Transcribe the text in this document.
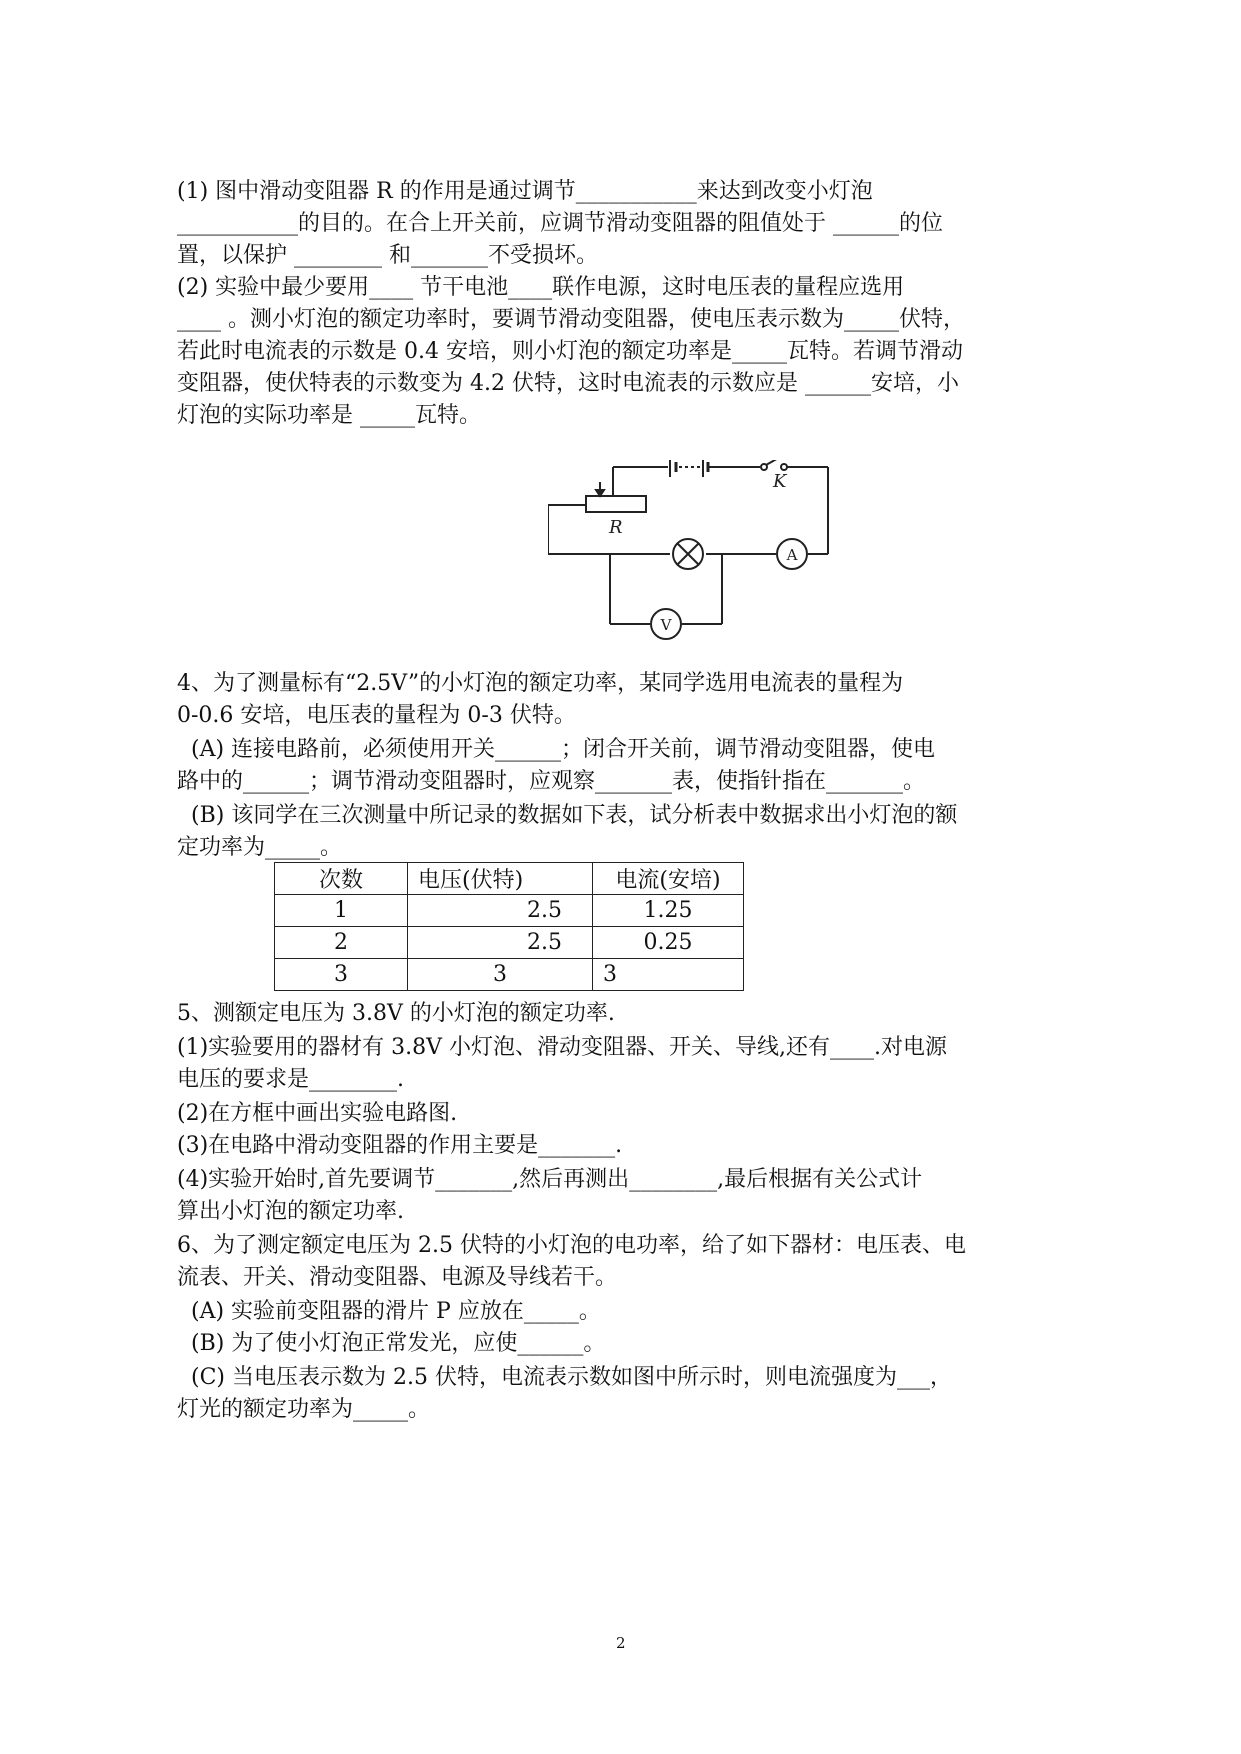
(1) 图中滑动变阻器 R 的作用是通过调节___________来达到改变小灯泡
___________的目的。在合上开关前，应调节滑动变阻器的阻值处于 ______的位
置，以保护 ________ 和_______不受损坏。
(2) 实验中最少要用____ 节干电池____联作电源，这时电压表的量程应选用
____ 。测小灯泡的额定功率时，要调节滑动变阻器，使电压表示数为_____伏特，
若此时电流表的示数是 0.4 安培，则小灯泡的额定功率是_____瓦特。若调节滑动
变阻器，使伏特表的示数变为 4.2 伏特，这时电流表的示数应是 ______安培，小
灯泡的实际功率是 _____瓦特。
R
K
A
V
4、为了测量标有“2.5V”的小灯泡的额定功率，某同学选用电流表的量程为
0-0.6 安培，电压表的量程为 0-3 伏特。
(A) 连接电路前，必须使用开关______；闭合开关前，调节滑动变阻器，使电
路中的______；调节滑动变阻器时，应观察_______表，使指针指在_______。
(B) 该同学在三次测量中所记录的数据如下表，试分析表中数据求出小灯泡的额
定功率为_____。
次数	电压(伏特)	电流(安培)
1	2.5	1.25
2	2.5	0.25
3	3	3
5、测额定电压为 3.8V 的小灯泡的额定功率.
(1)实验要用的器材有 3.8V 小灯泡、滑动变阻器、开关、导线,还有____.对电源
电压的要求是________.
(2)在方框中画出实验电路图.
(3)在电路中滑动变阻器的作用主要是_______.
(4)实验开始时,首先要调节_______,然后再测出________,最后根据有关公式计
算出小灯泡的额定功率.
6、为了测定额定电压为 2.5 伏特的小灯泡的电功率，给了如下器材：电压表、电
流表、开关、滑动变阻器、电源及导线若干。
(A) 实验前变阻器的滑片 P 应放在_____。
(B) 为了使小灯泡正常发光，应使______。
(C) 当电压表示数为 2.5 伏特，电流表示数如图中所示时，则电流强度为___，
灯光的额定功率为_____。
2
